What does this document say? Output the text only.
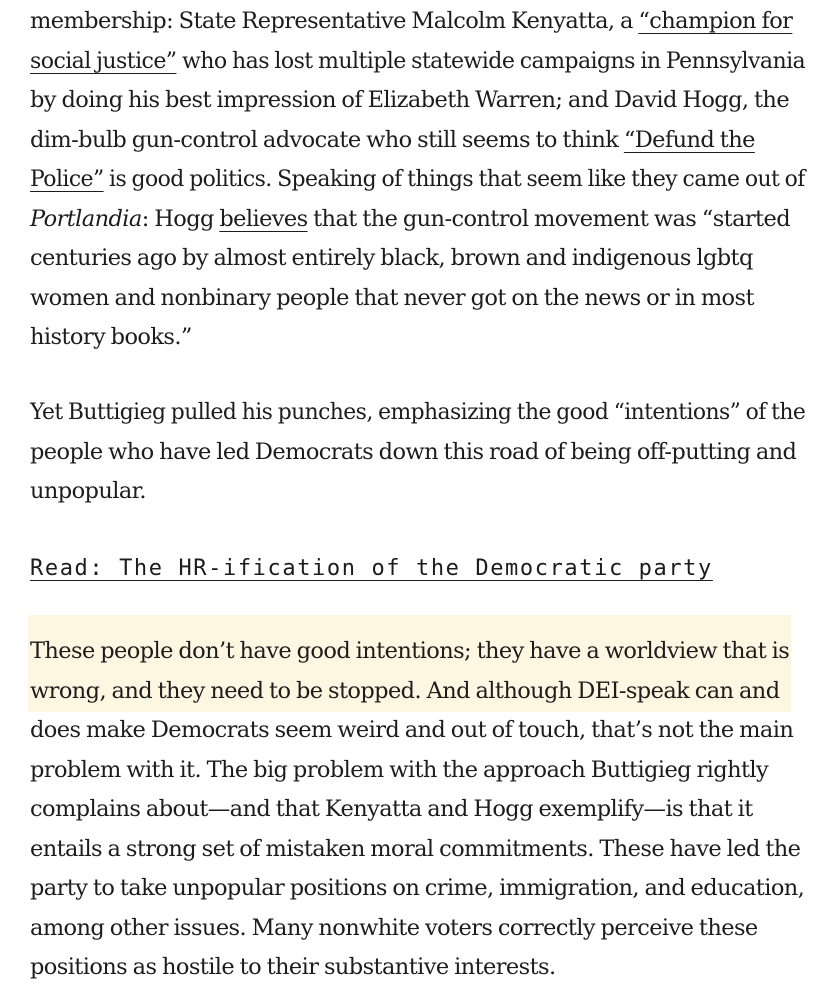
membership: State Representative Malcolm Kenyatta, a “champion for
social justice” who has lost multiple statewide campaigns in Pennsylvania
by doing his best impression of Elizabeth Warren; and David Hogg, the
dim-bulb gun-control advocate who still seems to think “Defund the
Police” is good politics. Speaking of things that seem like they came out of
Portlandia: Hogg believes that the gun-control movement was “started
centuries ago by almost entirely black, brown and indigenous lgbtq
women and nonbinary people that never got on the news or in most
history books.”
Yet Buttigieg pulled his punches, emphasizing the good “intentions” of the
people who have led Democrats down this road of being off-putting and
unpopular.
Read: The HR-ification of the Democratic party
These people don’t have good intentions; they have a worldview that is
wrong, and they need to be stopped. And although DEI-speak can and
does make Democrats seem weird and out of touch, that’s not the main
problem with it. The big problem with the approach Buttigieg rightly
complains about—and that Kenyatta and Hogg exemplify—is that it
entails a strong set of mistaken moral commitments. These have led the
party to take unpopular positions on crime, immigration, and education,
among other issues. Many nonwhite voters correctly perceive these
positions as hostile to their substantive interests.
